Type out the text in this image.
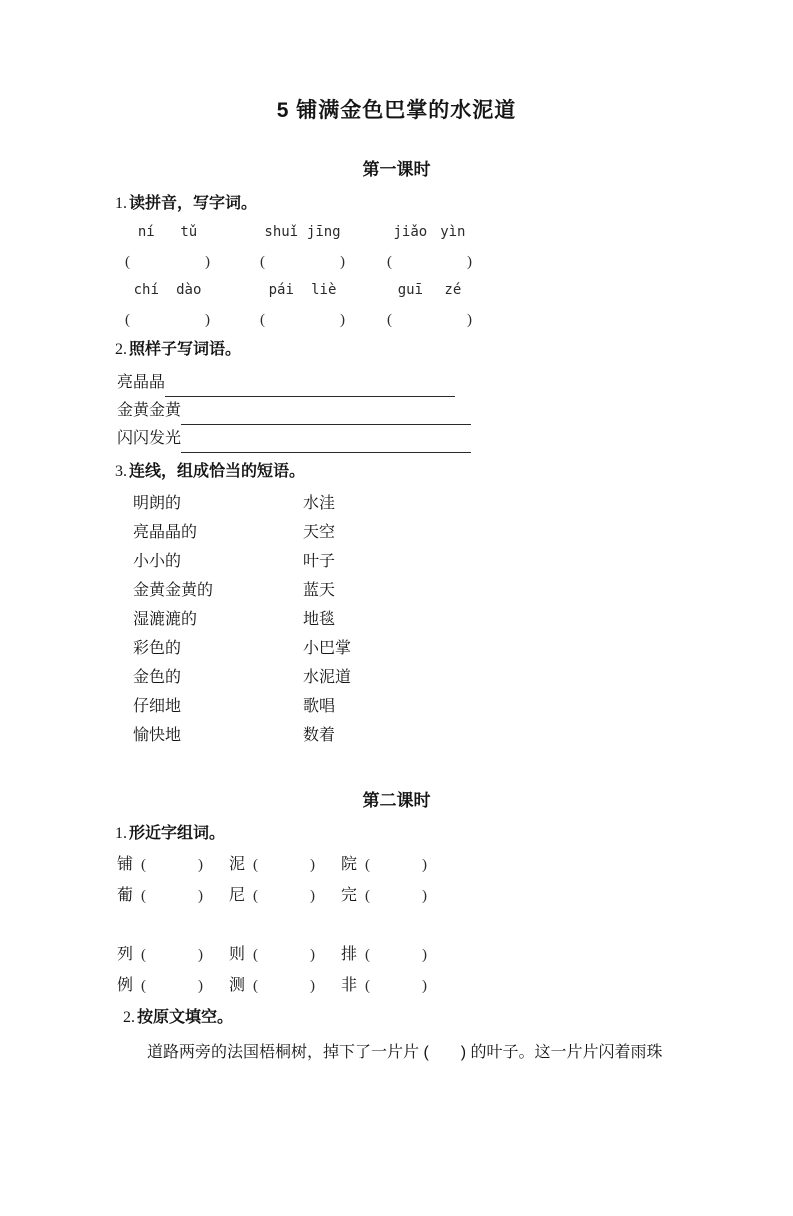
5 铺满金色巴掌的水泥道
第一课时
1. 读拼音，写字词。
ní tǔ	shuǐ jīng	jiǎo yìn
(	)	(	)	(	)
chí dào	pái liè	guī zé
(	)	(	)	(	)
2. 照样子写词语。
亮晶晶
金黄金黄
闪闪发光
3. 连线，组成恰当的短语。
明朗的	水洼
亮晶晶的	天空
小小的	叶子
金黄金黄的	蓝天
湿漉漉的	地毯
彩色的	小巴掌
金色的	水泥道
仔细地	歌唱
愉快地	数着
第二课时
1. 形近字组词。
铺 (	) 泥 (	) 院 (	)
葡 (	) 尼 (	) 完 (	)
列 (	) 则 (	) 排 (	)
例 (	) 测 (	) 非 (	)
2. 按原文填空。

道路两旁的法国梧桐树，掉下了一片片 (　　) 的叶子。这一片片闪着雨珠
